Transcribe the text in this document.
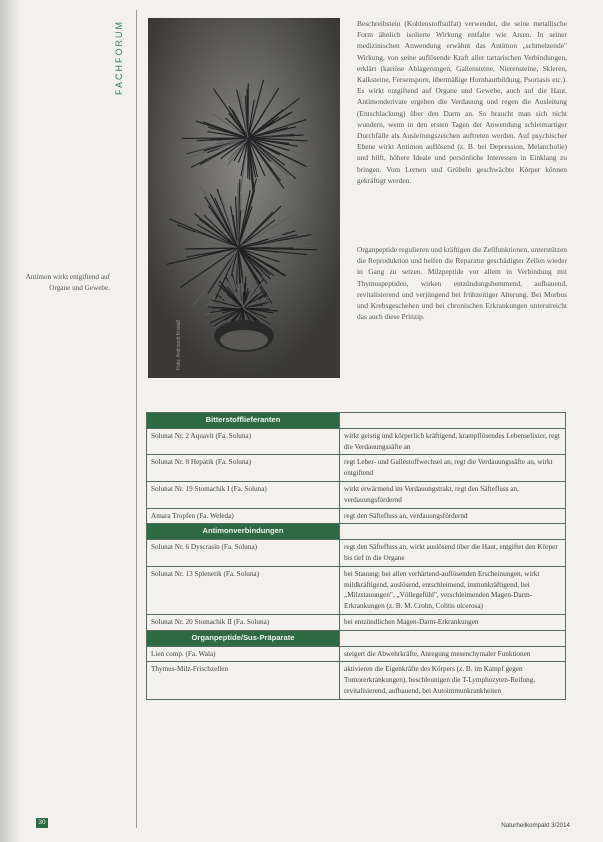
FACHFORUM
Antimon wirkt entgiftend auf Organe und Gewebe.
Foto: Antimonit Kristall

Beschreibstein (Kohlenstoffsulfat) verwendet, die seine metallische Form ähnlich isolierte Wirkung entfalte wie Arsen. In seiner medizinischen Anwendung erwähnt das Antimon „schmelzende" Wirkung, von seine auflösende Kraft aller tartarischen Verbindungen, erklärt (kariöse Ablagerungen, Gallensteine, Nierensteine, Skleren, Kalksteine, Fersensporn, übermäßige Hornhautbildung, Psoriasis etc.). Es wirkt entgiftend auf Organe und Gewebe, auch auf die Haut. Antimonderivate ergeben die Verdauung und regen die Ausleitung (Entschlackung) über den Darm an. So braucht man sich nicht wundern, wenn in den ersten Tagen der Anwendung schleimartiger Durchfälle als Ausleitungszeichen auftreten werden. Auf psychischer Ebene wirkt Antimon auflösend (z. B. bei Depression, Melancholie) und hilft, höhere Ideale und persönliche Interessen in Einklang zu bringen. Vom Lernen und Grübeln geschwächte Körper können gekräftigt werden.

Organpeptide regulieren und kräftigen die Zellfunktionen, unterstützen die Reproduktion und helfen die Reparatur geschädigter Zellen wieder in Gang zu setzen. Milzpeptide vor allem in Verbindung mit Thymuspeptiden, wirken entzündungshemmend, aufbauend, revitalisierend und verjüngend bei frühzeitiger Alterung. Bei Morbus und Krebsgeschehen und bei chronischen Erkrankungen unterstreicht das auch diese Prinzip.

Bitterstofflieferanten	
Solunat Nr. 2 Aquavit (Fa. Soluna)	wirkt geistig und körperlich kräftigend, krampflösendes Lebenselixier, regt die Verdauungssäfte an
Solunat Nr. 8 Hepatik (Fa. Soluna)	regt Leber- und Gallestoffwechsel an, regt die Verdauungssäfte an, wirkt entgiftend
Solunat Nr. 19 Stomachik I (Fa. Soluna)	wirkt erwärmend im Verdauungstrakt, regt den Säftefluss an, verdauungsfördernd
Amara Tropfen (Fa. Weleda)	regt den Säftefluss an, verdauungsfördernd
Antimonverbindungen	
Solunat Nr. 6 Dyscrasin (Fa. Soluna)	regt den Säftefluss an, wirkt auslösend über die Haut, entgiftet den Körper bis tief in die Organe
Solunat Nr. 13 Splenetik (Fa. Soluna)	bei Stauung; bei allen verhärtend-auflösenden Erscheinungen, wirkt mildkräftigend, auslösend, entschleimend, immunkräftigend, bei „Milzstauungen", „Völlegefühl", verschleimenden Magen-Darm-Erkrankungen (z. B. M. Crohn, Colitis ulcerosa)
Solunat Nr. 20 Stomachik II (Fa. Soluna)	bei entzündlichen Magen-Darm-Erkrankungen
Organpeptide/Sus-Präparate	
Lien comp. (Fa. Wala)	steigert die Abwehrkräfte, Anregung mesenchymaler Funktionen
Thymus-Milz-Frischzellen	aktivieren die Eigenkräfte des Körpers (z. B. im Kampf gegen Tumorerkrankungen), beschleunigen die T-Lymphozyten-Reifung, revitalisierend, aufbauend, bei Autoimmunkrankheiten
30	Naturheilkompakt 3/2014
